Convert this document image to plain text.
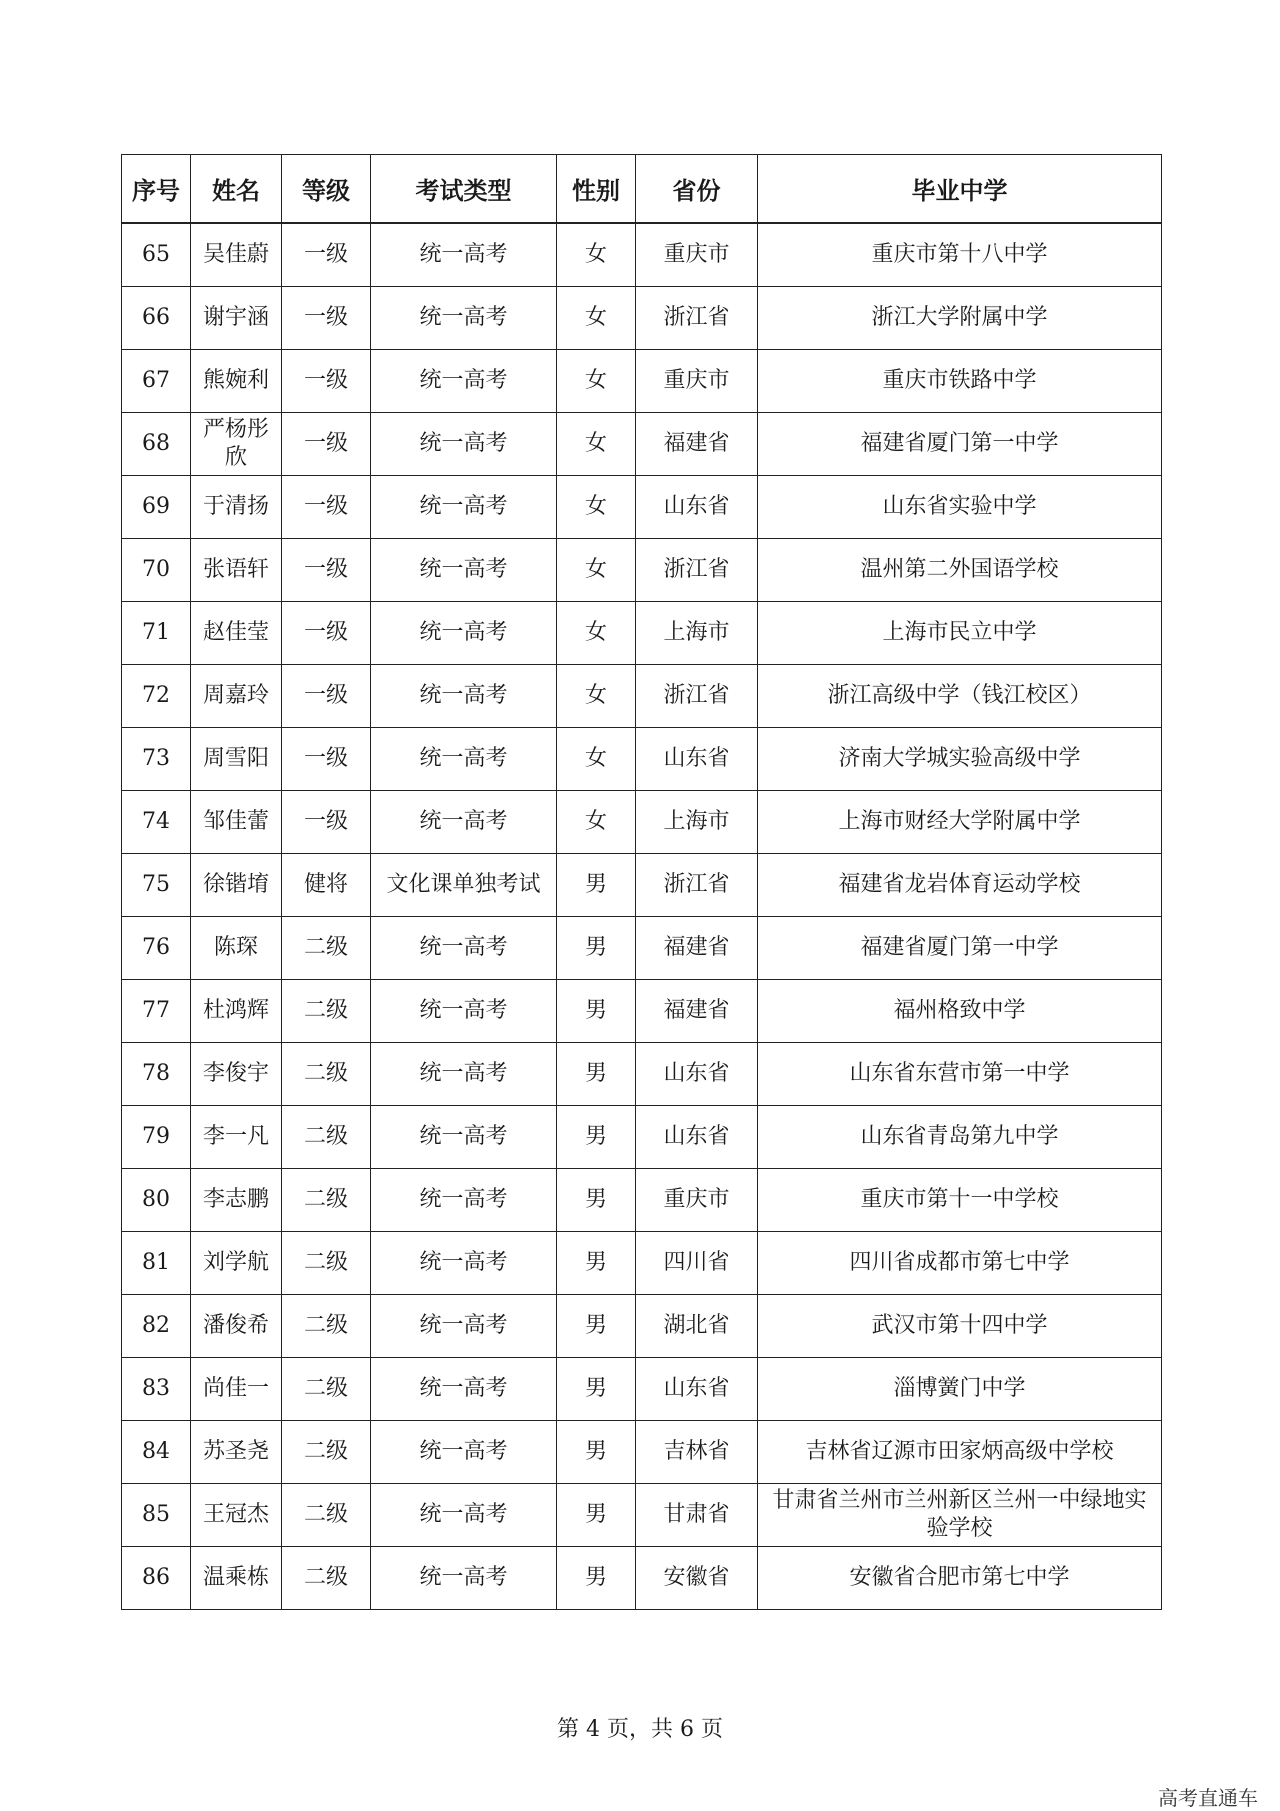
序号	姓名	等级	考试类型	性别	省份	毕业中学
65	吴佳蔚	一级	统一高考	女	重庆市	重庆市第十八中学
66	谢宇涵	一级	统一高考	女	浙江省	浙江大学附属中学
67	熊婉利	一级	统一高考	女	重庆市	重庆市铁路中学
68	严杨彤欣	一级	统一高考	女	福建省	福建省厦门第一中学
69	于清扬	一级	统一高考	女	山东省	山东省实验中学
70	张语轩	一级	统一高考	女	浙江省	温州第二外国语学校
71	赵佳莹	一级	统一高考	女	上海市	上海市民立中学
72	周嘉玲	一级	统一高考	女	浙江省	浙江高级中学（钱江校区）
73	周雪阳	一级	统一高考	女	山东省	济南大学城实验高级中学
74	邹佳蕾	一级	统一高考	女	上海市	上海市财经大学附属中学
75	徐锴堉	健将	文化课单独考试	男	浙江省	福建省龙岩体育运动学校
76	陈琛	二级	统一高考	男	福建省	福建省厦门第一中学
77	杜鸿辉	二级	统一高考	男	福建省	福州格致中学
78	李俊宇	二级	统一高考	男	山东省	山东省东营市第一中学
79	李一凡	二级	统一高考	男	山东省	山东省青岛第九中学
80	李志鹏	二级	统一高考	男	重庆市	重庆市第十一中学校
81	刘学航	二级	统一高考	男	四川省	四川省成都市第七中学
82	潘俊希	二级	统一高考	男	湖北省	武汉市第十四中学
83	尚佳一	二级	统一高考	男	山东省	淄博黉门中学
84	苏圣尧	二级	统一高考	男	吉林省	吉林省辽源市田家炳高级中学校
85	王冠杰	二级	统一高考	男	甘肃省	甘肃省兰州市兰州新区兰州一中绿地实验学校
86	温乘栋	二级	统一高考	男	安徽省	安徽省合肥市第七中学
第 4 页，共 6 页
高考直通车
